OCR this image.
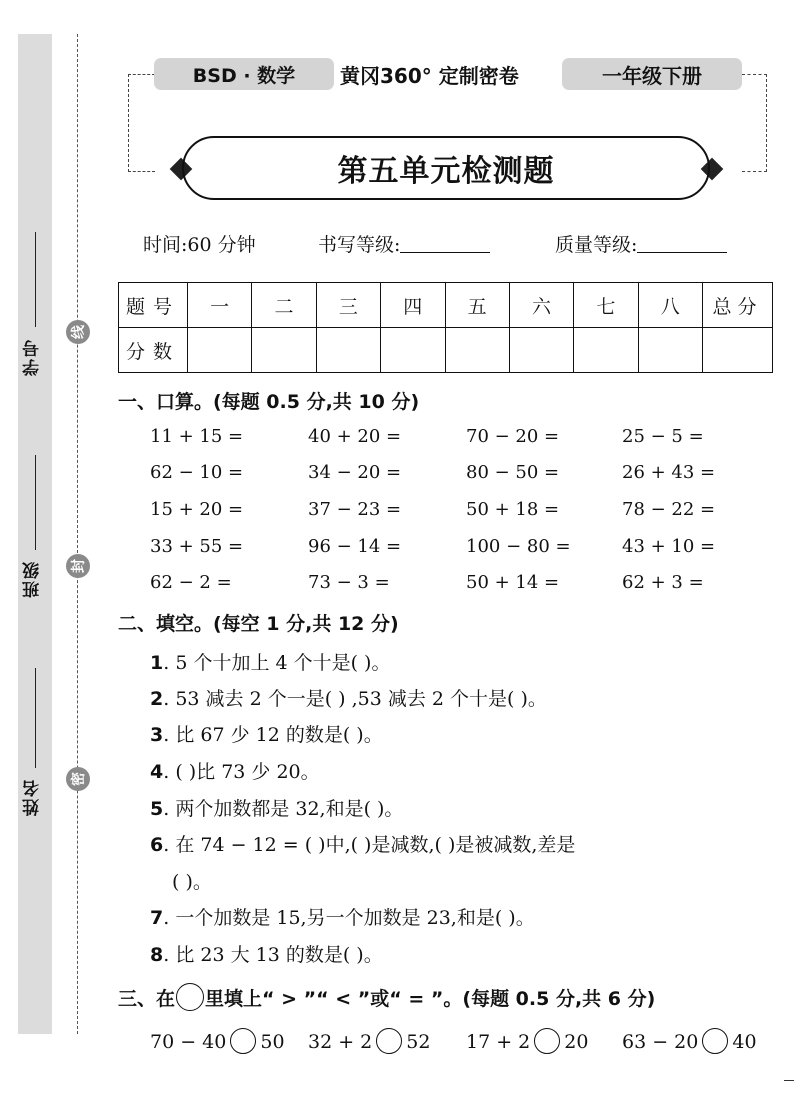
学号
班级
姓名
线
封
密
BSD · 数学	黄冈360° 定制密卷	一年级下册
第五单元检测题
时间:60 分钟	书写等级:	质量等级:
题号	一	二	三	四	五	六	七	八	总分
分数									
一、口算。(每题 0.5 分,共 10 分)
11 + 15 =	40 + 20 =	70 − 20 =	25 − 5 =
62 − 10 =	34 − 20 =	80 − 50 =	26 + 43 =
15 + 20 =	37 − 23 =	50 + 18 =	78 − 22 =
33 + 55 =	96 − 14 =	100 − 80 =	43 + 10 =
62 − 2 =	73 − 3 =	50 + 14 =	62 + 3 =
二、填空。(每空 1 分,共 12 分)
1. 5 个十加上 4 个十是( )。
2. 53 减去 2 个一是( ) ,53 减去 2 个十是( )。
3. 比 67 少 12 的数是( )。
4. ( )比 73 少 20。
5. 两个加数都是 32,和是( )。
6. 在 74 − 12 = ( )中,( )是减数,( )是被减数,差是
( )。
7. 一个加数是 15,另一个加数是 23,和是( )。
8. 比 23 大 13 的数是( )。
三、在 里填上“ > ”“ < ”或“ = ”。(每题 0.5 分,共 6 分)
70 − 40 50 32 + 2 52 17 + 2 20 63 − 20 40
